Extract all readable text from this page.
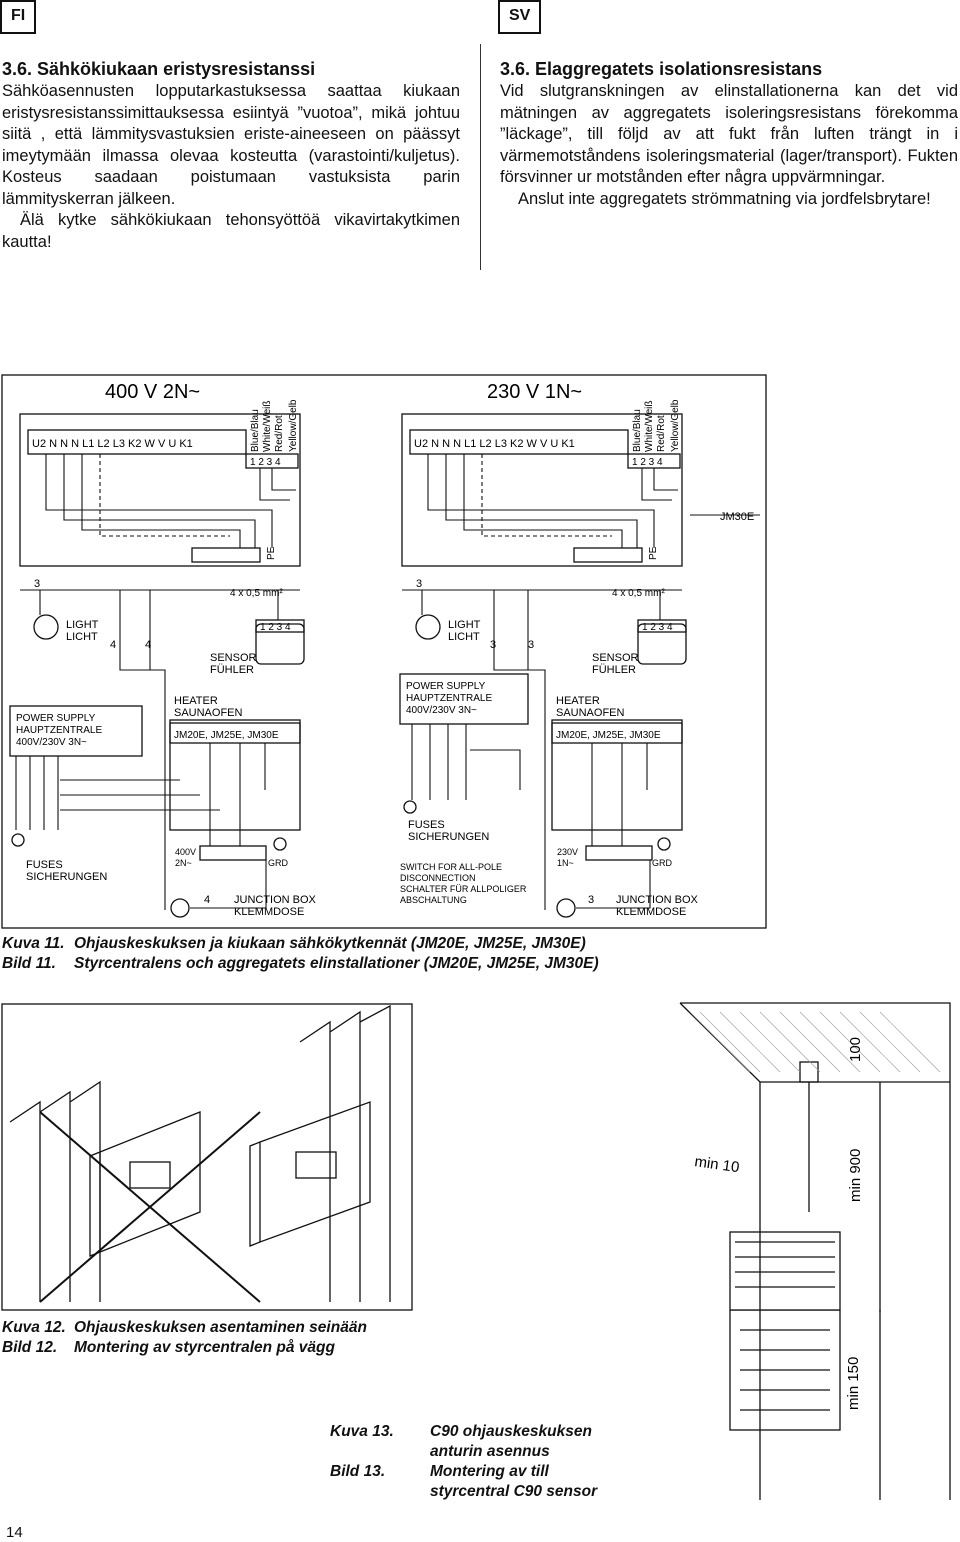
FI	SV
3.6. Sähkökiukaan eristysresistanssi

Sähköasennusten lopputarkastuksessa saattaa kiukaan eristysresistanssimittauksessa esiintyä ”vuotoa”, mikä johtuu siitä , että lämmitysvastuksien eriste-aineeseen on päässyt imeytymään ilmassa olevaa kosteutta (varastointi/kuljetus). Kosteus saadaan poistumaan vastuksista parin lämmityskerran jälkeen.

Älä kytke sähkökiukaan tehonsyöttöä vikavirtakytkimen kautta!

3.6. Elaggregatets isolationsresistans

Vid slutgranskningen av elinstallationerna kan det vid mätningen av aggregatets isoleringsresistans förekomma ”läckage”, till följd av att fukt från luften trängt in i värmemotståndens isoleringsmaterial (lager/transport). Fukten försvinner ur motstånden efter några uppvärmningar.

Anslut inte aggregatets strömmatning via jordfelsbrytare!

400 V 2N~	230 V 1N~
U2 N N N L1 L2 L3 K2 W V U K1	U2 N N N L1 L2 L3 K2 W V U K1
1 2 3 4	1 2 3 4
Blue/Blau White/Weiß Red/Rot Yellow/Gelb	Blue/Blau White/Weiß Red/Rot Yellow/Gelb
PE	PE
JM30E
4 x 0,5 mm²	4 x 0,5 mm²
3	3
4	4	3	3
4	3
1 2 3 4	1 2 3 4
LIGHT
LICHT
LIGHT
LICHT
SENSOR
FÜHLER
SENSOR
FÜHLER
POWER SUPPLY
HAUPTZENTRALE
400V/230V 3N~
POWER SUPPLY
HAUPTZENTRALE
400V/230V 3N~
HEATER
SAUNAOFEN
JM20E, JM25E, JM30E
HEATER
SAUNAOFEN
JM20E, JM25E, JM30E
FUSES
SICHERUNGEN
FUSES
SICHERUNGEN
SWITCH FOR ALL-POLE
DISCONNECTION
SCHALTER FÜR ALLPOLIGER
ABSCHALTUNG
400V
2N~
230V
1N~
GRD	GRD
JUNCTION BOX
KLEMMDOSE
JUNCTION BOX
KLEMMDOSE
Kuva 11. Ohjauskeskuksen ja kiukaan sähkökytkennät (JM20E, JM25E, JM30E)
Bild 11. Styrcentralens och aggregatets elinstallationer (JM20E, JM25E, JM30E)
100
min 10	min 900
Kuva 12. Ohjauskeskuksen asentaminen seinään
Bild 12. Montering av styrcentralen på vägg
min 150
Kuva 13. C90 ohjauskeskuksen
anturin asennus
Bild 13.	Montering av till
styrcentral C90 sensor
14
